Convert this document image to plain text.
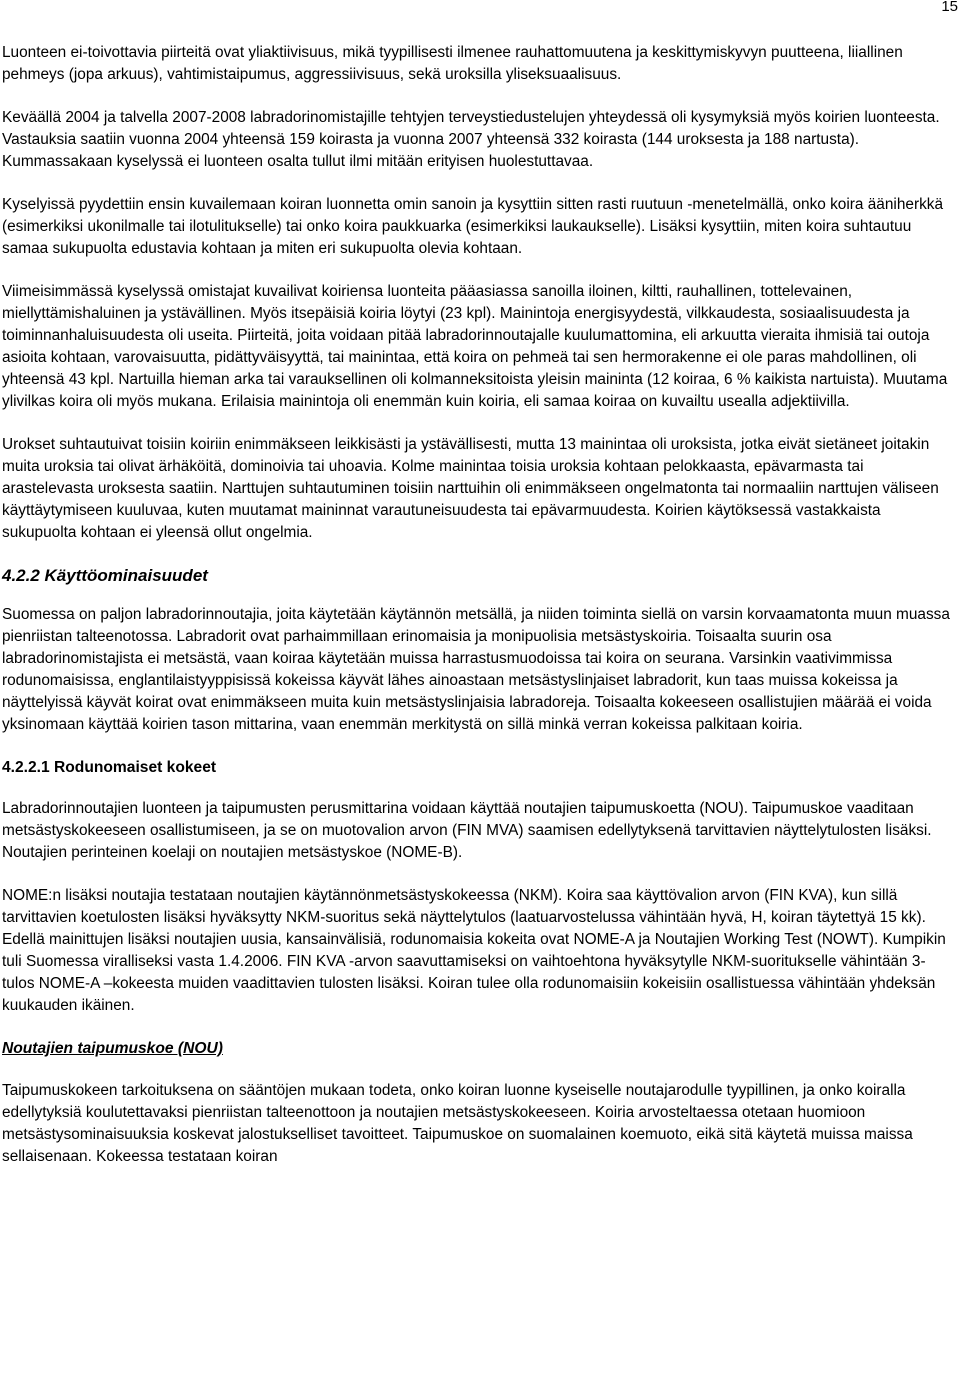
15

Luonteen ei-toivottavia piirteitä ovat yliaktiivisuus, mikä tyypillisesti ilmenee rauhattomuutena ja keskittymiskyvyn puutteena, liiallinen pehmeys (jopa arkuus), vahtimistaipumus, aggressiivisuus, sekä uroksilla yliseksuaalisuus.

Keväällä 2004 ja talvella 2007-2008 labradorinomistajille tehtyjen terveystiedustelujen yhteydessä oli kysymyksiä myös koirien luonteesta. Vastauksia saatiin vuonna 2004 yhteensä 159 koirasta ja vuonna 2007 yhteensä 332 koirasta (144 uroksesta ja 188 nartusta). Kummassakaan kyselyssä ei luonteen osalta tullut ilmi mitään erityisen huolestuttavaa.

Kyselyissä pyydettiin ensin kuvailemaan koiran luonnetta omin sanoin ja kysyttiin sitten rasti ruutuun -menetelmällä, onko koira ääniherkkä (esimerkiksi ukonilmalle tai ilotulitukselle) tai onko koira paukkuarka (esimerkiksi laukaukselle). Lisäksi kysyttiin, miten koira suhtautuu samaa sukupuolta edustavia kohtaan ja miten eri sukupuolta olevia kohtaan.

Viimeisimmässä kyselyssä omistajat kuvailivat koiriensa luonteita pääasiassa sanoilla iloinen, kiltti, rauhallinen, tottelevainen, miellyttämishaluinen ja ystävällinen. Myös itsepäisiä koiria löytyi (23 kpl). Mainintoja energisyydestä, vilkkaudesta, sosiaalisuudesta ja toiminnanhaluisuudesta oli useita. Piirteitä, joita voidaan pitää labradorinnoutajalle kuulumattomina, eli arkuutta vieraita ihmisiä tai outoja asioita kohtaan, varovaisuutta, pidättyväisyyttä, tai mainintaa, että koira on pehmeä tai sen hermorakenne ei ole paras mahdollinen, oli yhteensä 43 kpl. Nartuilla hieman arka tai varauksellinen oli kolmanneksitoista yleisin maininta (12 koiraa, 6 % kaikista nartuista). Muutama ylivilkas koira oli myös mukana. Erilaisia mainintoja oli enemmän kuin koiria, eli samaa koiraa on kuvailtu usealla adjektiivilla.

Urokset suhtautuivat toisiin koiriin enimmäkseen leikkisästi ja ystävällisesti, mutta 13 mainintaa oli uroksista, jotka eivät sietäneet joitakin muita uroksia tai olivat ärhäköitä, dominoivia tai uhoavia. Kolme mainintaa toisia uroksia kohtaan pelokkaasta, epävarmasta tai arastelevasta uroksesta saatiin. Narttujen suhtautuminen toisiin narttuihin oli enimmäkseen ongelmatonta tai normaaliin narttujen väliseen käyttäytymiseen kuuluvaa, kuten muutamat maininnat varautuneisuudesta tai epävarmuudesta. Koirien käytöksessä vastakkaista sukupuolta kohtaan ei yleensä ollut ongelmia.

4.2.2 Käyttöominaisuudet

Suomessa on paljon labradorinnoutajia, joita käytetään käytännön metsällä, ja niiden toiminta siellä on varsin korvaamatonta muun muassa pienriistan talteenotossa. Labradorit ovat parhaimmillaan erinomaisia ja monipuolisia metsästyskoiria. Toisaalta suurin osa labradorinomistajista ei metsästä, vaan koiraa käytetään muissa harrastusmuodoissa tai koira on seurana. Varsinkin vaativimmissa rodunomaisissa, englantilaistyyppisissä kokeissa käyvät lähes ainoastaan metsästyslinjaiset labradorit, kun taas muissa kokeissa ja näyttelyissä käyvät koirat ovat enimmäkseen muita kuin metsästyslinjaisia labradoreja. Toisaalta kokeeseen osallistujien määrää ei voida yksinomaan käyttää koirien tason mittarina, vaan enemmän merkitystä on sillä minkä verran kokeissa palkitaan koiria.

4.2.2.1 Rodunomaiset kokeet

Labradorinnoutajien luonteen ja taipumusten perusmittarina voidaan käyttää noutajien taipumuskoetta (NOU). Taipumuskoe vaaditaan metsästyskokeeseen osallistumiseen, ja se on muotovalion arvon (FIN MVA) saamisen edellytyksenä tarvittavien näyttelytulosten lisäksi. Noutajien perinteinen koelaji on noutajien metsästyskoe (NOME-B).

NOME:n lisäksi noutajia testataan noutajien käytännönmetsästyskokeessa (NKM). Koira saa käyttövalion arvon (FIN KVA), kun sillä tarvittavien koetulosten lisäksi hyväksytty NKM-suoritus sekä näyttelytulos (laatuarvostelussa vähintään hyvä, H, koiran täytettyä 15 kk). Edellä mainittujen lisäksi noutajien uusia, kansainvälisiä, rodunomaisia kokeita ovat NOME-A ja Noutajien Working Test (NOWT). Kumpikin tuli Suomessa viralliseksi vasta 1.4.2006. FIN KVA -arvon saavuttamiseksi on vaihtoehtona hyväksytylle NKM-suoritukselle vähintään 3-tulos NOME-A –kokeesta muiden vaadittavien tulosten lisäksi. Koiran tulee olla rodunomaisiin kokeisiin osallistuessa vähintään yhdeksän kuukauden ikäinen.

Noutajien taipumuskoe (NOU)

Taipumuskokeen tarkoituksena on sääntöjen mukaan todeta, onko koiran luonne kyseiselle noutajarodulle tyypillinen, ja onko koiralla edellytyksiä koulutettavaksi pienriistan talteenottoon ja noutajien metsästyskokeeseen. Koiria arvosteltaessa otetaan huomioon metsästysominaisuuksia koskevat jalostukselliset tavoitteet. Taipumuskoe on suomalainen koemuoto, eikä sitä käytetä muissa maissa sellaisenaan. Kokeessa testataan koiran
